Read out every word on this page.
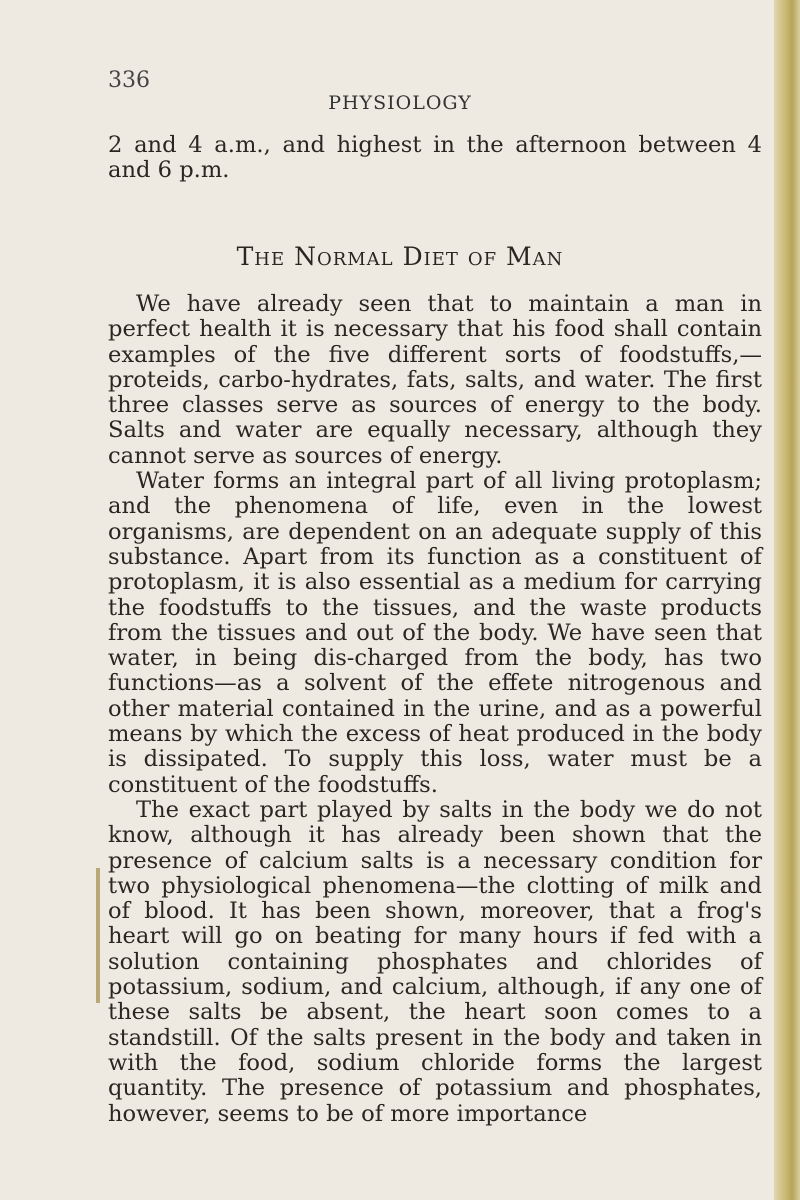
336
PHYSIOLOGY

2 and 4 a.m., and highest in the afternoon between 4 and 6 p.m.

The Normal Diet of Man

We have already seen that to maintain a man in perfect health it is necessary that his food shall contain examples of the five different sorts of foodstuffs,—proteids, carbo-hydrates, fats, salts, and water. The first three classes serve as sources of energy to the body. Salts and water are equally necessary, although they cannot serve as sources of energy.

Water forms an integral part of all living protoplasm; and the phenomena of life, even in the lowest organisms, are dependent on an adequate supply of this substance. Apart from its function as a constituent of protoplasm, it is also essential as a medium for carrying the foodstuffs to the tissues, and the waste products from the tissues and out of the body. We have seen that water, in being dis-charged from the body, has two functions—as a solvent of the effete nitrogenous and other material contained in the urine, and as a powerful means by which the excess of heat produced in the body is dissipated. To supply this loss, water must be a constituent of the foodstuffs.

The exact part played by salts in the body we do not know, although it has already been shown that the presence of calcium salts is a necessary condition for two physiological phenomena—the clotting of milk and of blood. It has been shown, moreover, that a frog's heart will go on beating for many hours if fed with a solution containing phosphates and chlorides of potassium, sodium, and calcium, although, if any one of these salts be absent, the heart soon comes to a standstill. Of the salts present in the body and taken in with the food, sodium chloride forms the largest quantity. The presence of potassium and phosphates, however, seems to be of more importance
